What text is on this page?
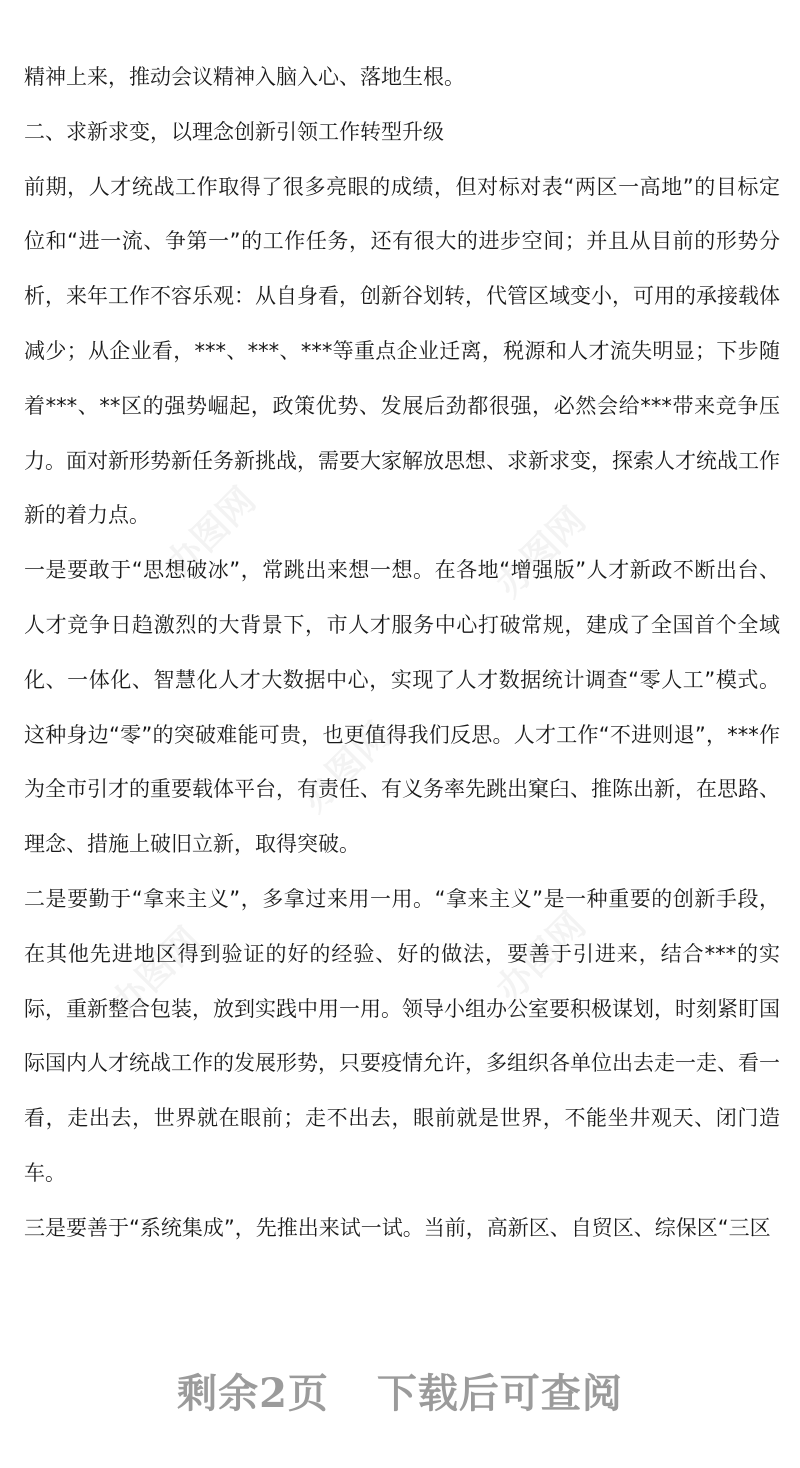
办图网	办图网
办图网
办图网	办图网

精神上来，推动会议精神入脑入心、落地生根。

二、求新求变，以理念创新引领工作转型升级

前期，人才统战工作取得了很多亮眼的成绩，但对标对表“两区一高地”的目标定位和“进一流、争第一”的工作任务，还有很大的进步空间；并且从目前的形势分析，来年工作不容乐观：从自身看，创新谷划转，代管区域变小，可用的承接载体减少；从企业看，***、***、***等重点企业迁离，税源和人才流失明显；下步随着***、**区的强势崛起，政策优势、发展后劲都很强，必然会给***带来竞争压力。面对新形势新任务新挑战，需要大家解放思想、求新求变，探索人才统战工作新的着力点。

一是要敢于“思想破冰”，常跳出来想一想。在各地“增强版”人才新政不断出台、人才竞争日趋激烈的大背景下，市人才服务中心打破常规，建成了全国首个全域化、一体化、智慧化人才大数据中心，实现了人才数据统计调查“零人工”模式。这种身边“零”的突破难能可贵，也更值得我们反思。人才工作“不进则退”，***作为全市引才的重要载体平台，有责任、有义务率先跳出窠臼、推陈出新，在思路、理念、措施上破旧立新，取得突破。

二是要勤于“拿来主义”，多拿过来用一用。“拿来主义”是一种重要的创新手段，在其他先进地区得到验证的好的经验、好的做法，要善于引进来，结合***的实际，重新整合包装，放到实践中用一用。领导小组办公室要积极谋划，时刻紧盯国际国内人才统战工作的发展形势，只要疫情允许，多组织各单位出去走一走、看一看，走出去，世界就在眼前；走不出去，眼前就是世界，不能坐井观天、闭门造车。

三是要善于“系统集成”，先推出来试一试。当前，高新区、自贸区、综保区“三区

剩余2页 下载后可查阅
